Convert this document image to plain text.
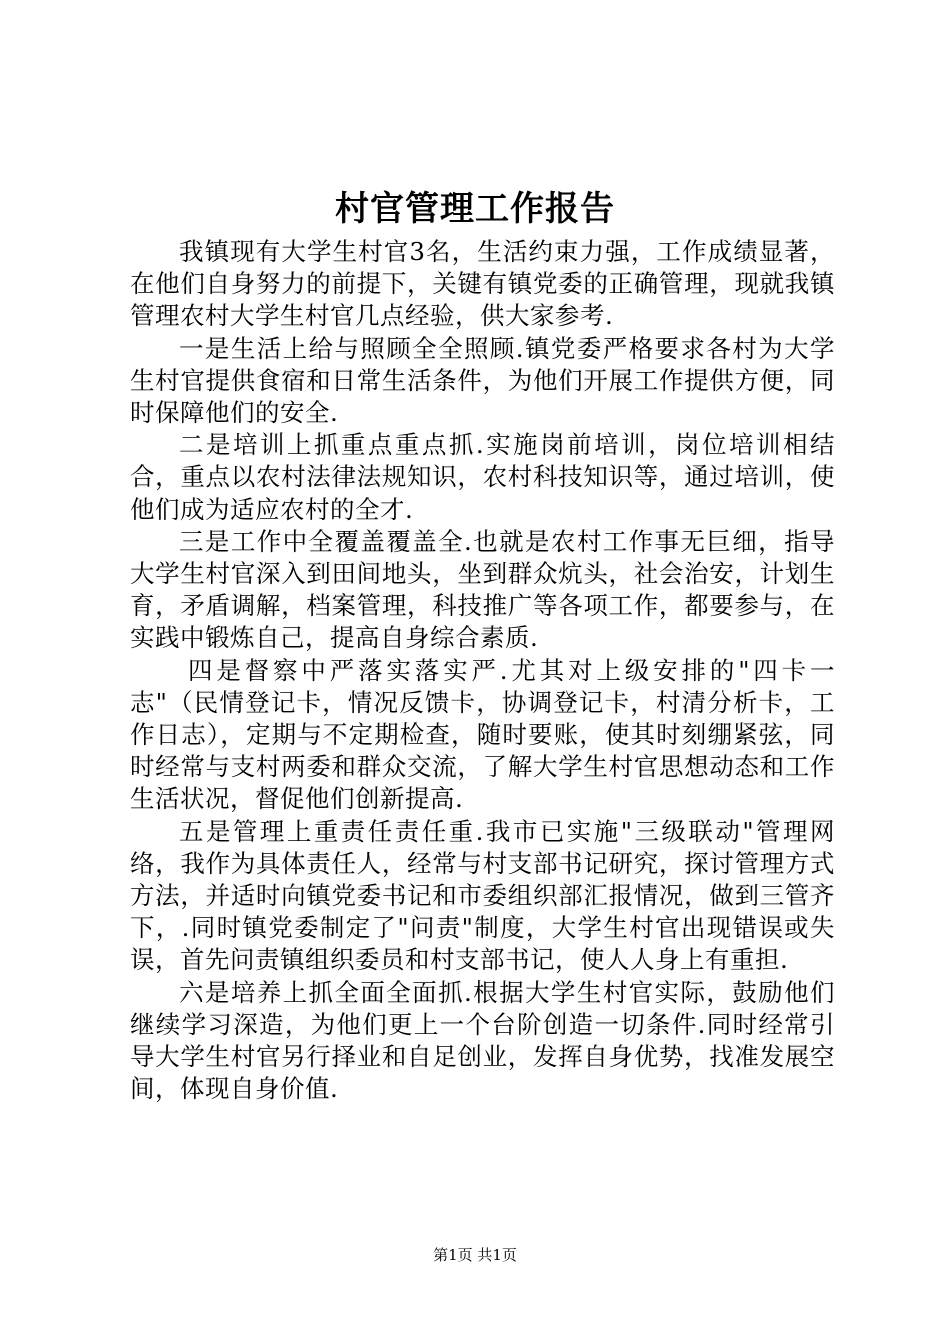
村官管理工作报告

我镇现有大学生村官3名，生活约束力强，工作成绩显著，在他们自身努力的前提下，关键有镇党委的正确管理，现就我镇管理农村大学生村官几点经验，供大家参考.

一是生活上给与照顾全全照顾.镇党委严格要求各村为大学生村官提供食宿和日常生活条件，为他们开展工作提供方便，同时保障他们的安全.

二是培训上抓重点重点抓.实施岗前培训，岗位培训相结合，重点以农村法律法规知识，农村科技知识等，通过培训，使他们成为适应农村的全才.

三是工作中全覆盖覆盖全.也就是农村工作事无巨细，指导大学生村官深入到田间地头，坐到群众炕头，社会治安，计划生育，矛盾调解，档案管理，科技推广等各项工作，都要参与，在实践中锻炼自己，提高自身综合素质.

四是督察中严落实落实严.尤其对上级安排的"四卡一志"（民情登记卡，情况反馈卡，协调登记卡，村清分析卡，工作日志），定期与不定期检查，随时要账，使其时刻绷紧弦，同时经常与支村两委和群众交流，了解大学生村官思想动态和工作生活状况，督促他们创新提高.

五是管理上重责任责任重.我市已实施"三级联动"管理网络，我作为具体责任人，经常与村支部书记研究，探讨管理方式方法，并适时向镇党委书记和市委组织部汇报情况，做到三管齐下，.同时镇党委制定了"问责"制度，大学生村官出现错误或失误，首先问责镇组织委员和村支部书记，使人人身上有重担.

六是培养上抓全面全面抓.根据大学生村官实际，鼓励他们继续学习深造，为他们更上一个台阶创造一切条件.同时经常引导大学生村官另行择业和自足创业，发挥自身优势，找准发展空间，体现自身价值.

第1页 共1页
